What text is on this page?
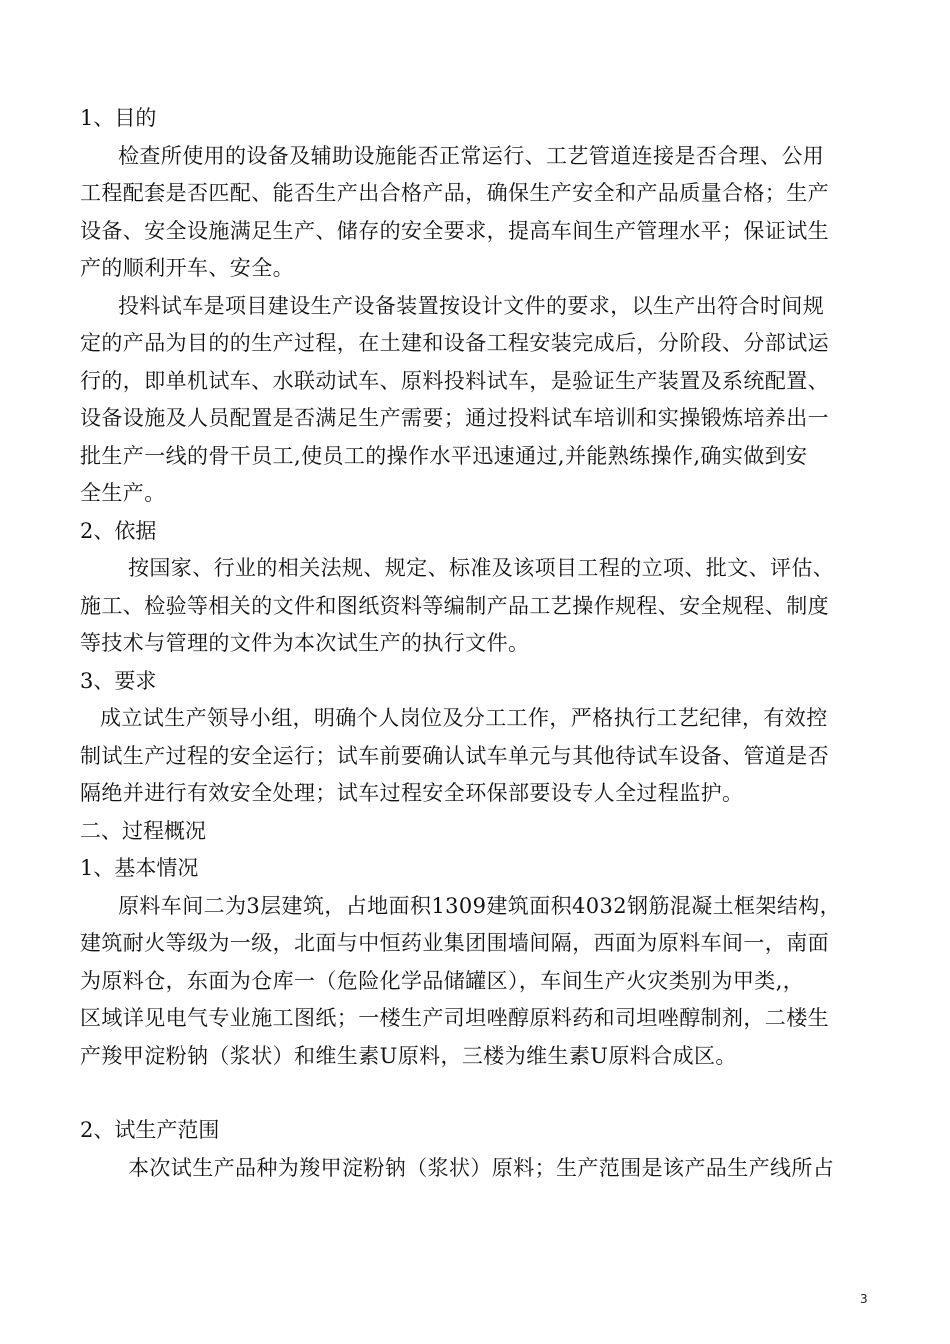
1、目的
检查所使用的设备及辅助设施能否正常运行、工艺管道连接是否合理、公用
工程配套是否匹配、能否生产出合格产品，确保生产安全和产品质量合格；生产
设备、安全设施满足生产、储存的安全要求，提高车间生产管理水平；保证试生
产的顺利开车、安全。
投料试车是项目建设生产设备装置按设计文件的要求，以生产出符合时间规
定的产品为目的的生产过程，在土建和设备工程安装完成后，分阶段、分部试运
行的，即单机试车、水联动试车、原料投料试车，是验证生产装置及系统配置、
设备设施及人员配置是否满足生产需要；通过投料试车培训和实操锻炼培养出一
批生产一线的骨干员工,使员工的操作水平迅速通过,并能熟练操作,确实做到安
全生产。
2、依据
按国家、行业的相关法规、规定、标准及该项目工程的立项、批文、评估、
施工、检验等相关的文件和图纸资料等编制产品工艺操作规程、安全规程、制度
等技术与管理的文件为本次试生产的执行文件。
3、要求
成立试生产领导小组，明确个人岗位及分工工作，严格执行工艺纪律，有效控
制试生产过程的安全运行；试车前要确认试车单元与其他待试车设备、管道是否
隔绝并进行有效安全处理；试车过程安全环保部要设专人全过程监护。
二、过程概况
1、基本情况
原料车间二为3层建筑，占地面积1309建筑面积4032钢筋混凝土框架结构，
建筑耐火等级为一级，北面与中恒药业集团围墙间隔，西面为原料车间一，南面
为原料仓，东面为仓库一（危险化学品储罐区），车间生产火灾类别为甲类,，
区域详见电气专业施工图纸；一楼生产司坦唑醇原料药和司坦唑醇制剂，二楼生
产羧甲淀粉钠（浆状）和维生素U原料，三楼为维生素U原料合成区。
2、试生产范围
本次试生产品种为羧甲淀粉钠（浆状）原料；生产范围是该产品生产线所占
3
